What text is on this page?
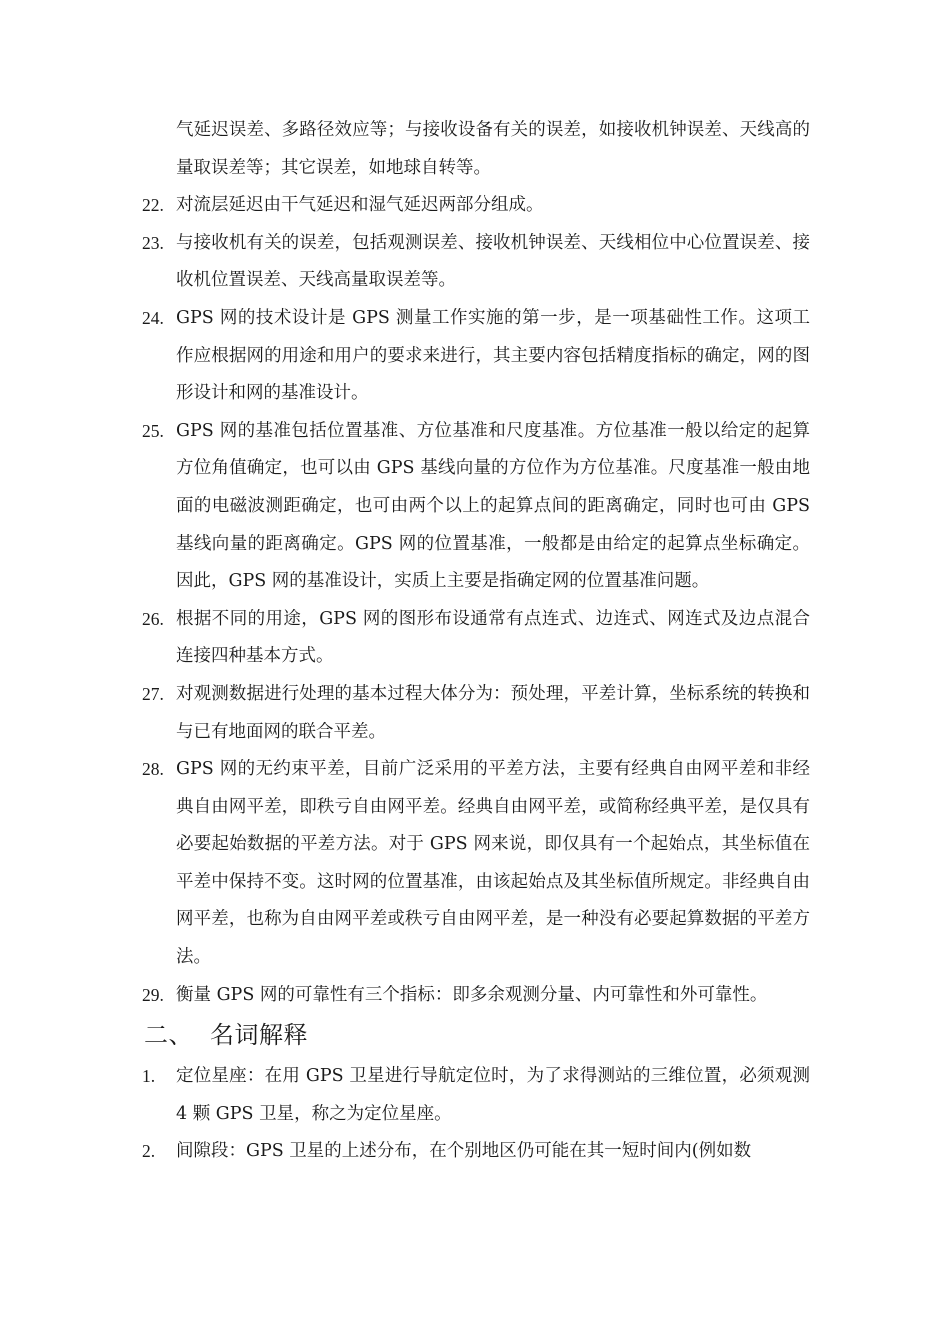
气延迟误差、多路径效应等；与接收设备有关的误差，如接收机钟误差、天线高的量取误差等；其它误差，如地球自转等。
22. 对流层延迟由干气延迟和湿气延迟两部分组成。
23. 与接收机有关的误差，包括观测误差、接收机钟误差、天线相位中心位置误差、接收机位置误差、天线高量取误差等。
24. GPS 网的技术设计是 GPS 测量工作实施的第一步，是一项基础性工作。这项工作应根据网的用途和用户的要求来进行，其主要内容包括精度指标的确定，网的图形设计和网的基准设计。
25. GPS 网的基准包括位置基准、方位基准和尺度基准。方位基准一般以给定的起算方位角值确定，也可以由 GPS 基线向量的方位作为方位基准。尺度基准一般由地面的电磁波测距确定，也可由两个以上的起算点间的距离确定，同时也可由 GPS 基线向量的距离确定。GPS 网的位置基准，一般都是由给定的起算点坐标确定。因此，GPS 网的基准设计，实质上主要是指确定网的位置基准问题。
26. 根据不同的用途，GPS 网的图形布设通常有点连式、边连式、网连式及边点混合连接四种基本方式。
27. 对观测数据进行处理的基本过程大体分为：预处理，平差计算，坐标系统的转换和与已有地面网的联合平差。
28. GPS 网的无约束平差，目前广泛采用的平差方法，主要有经典自由网平差和非经典自由网平差，即秩亏自由网平差。经典自由网平差，或简称经典平差，是仅具有必要起始数据的平差方法。对于 GPS 网来说，即仅具有一个起始点，其坐标值在平差中保持不变。这时网的位置基准，由该起始点及其坐标值所规定。非经典自由网平差，也称为自由网平差或秩亏自由网平差，是一种没有必要起算数据的平差方法。
29. 衡量 GPS 网的可靠性有三个指标：即多余观测分量、内可靠性和外可靠性。
二、 名词解释
1.	定位星座：在用 GPS 卫星进行导航定位时，为了求得测站的三维位置，必须观测 4 颗 GPS 卫星，称之为定位星座。
2.	间隙段：GPS 卫星的上述分布，在个别地区仍可能在其一短时间内(例如数
